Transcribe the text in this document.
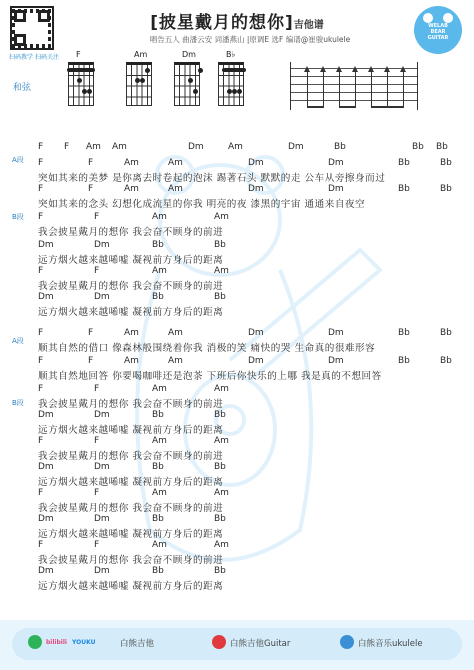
扫码教学 扫码关注
[披星戴月的想你]吉他谱
唱告五人 曲潘云安 词潘燕山 |原调E 选F 编谱@崔骏ukulele
WELAB BEAR GUITAR
和弦
F	Am	Dm	B♭
A段
B段
A段
B段
F F Am Am	Dm	Am	Dm	Bb	Bb Bb
F	F	Am	Am	Dm	Dm	Bb	Bb
突如其来的美梦 是你离去时卷起的泡沫 踢著石头 默默的走 公车从旁擦身而过
F	F	Am	Am	Dm	Dm	Bb	Bb
突如其来的念头 幻想化成流星的你我 明亮的夜 漆黑的宇宙 通通来自夜空
F	F	Am	Am
我会披星戴月的想你 我会奋不顾身的前进
Dm	Dm	Bb	Bb
远方烟火越来越唏嘘 凝视前方身后的距离
F	F	Am	Am
我会披星戴月的想你 我会奋不顾身的前进
Dm	Dm	Bb	Bb
远方烟火越来越唏嘘 凝视前方身后的距离
F	F	Am	Am	Dm	Dm	Bb	Bb
顺其自然的借口 像森林般围绕着你我 消极的笑 痛快的哭 生命真的很难形容
F	F	Am	Am	Dm	Dm	Bb	Bb
顺其自然地回答 你要喝咖啡还是泡茶 下班后你快乐的上哪 我是真的不想回答
F	F	Am	Am
我会披星戴月的想你 我会奋不顾身的前进
Dm	Dm	Bb	Bb
远方烟火越来越唏嘘 凝视前方身后的距离
F	F	Am	Am
我会披星戴月的想你 我会奋不顾身的前进
Dm	Dm	Bb	Bb
远方烟火越来越唏嘘 凝视前方身后的距离
F	F	Am	Am
我会披星戴月的想你 我会奋不顾身的前进
Dm	Dm	Bb	Bb
远方烟火越来越唏嘘 凝视前方身后的距离
F	F	Am	Am
我会披星戴月的想你 我会奋不顾身的前进
Dm	Dm	Bb	Bb
远方烟火越来越唏嘘 凝视前方身后的距离
bilibili YOUKU	白熊吉他	白熊吉他Guitar	白熊音乐ukulele
